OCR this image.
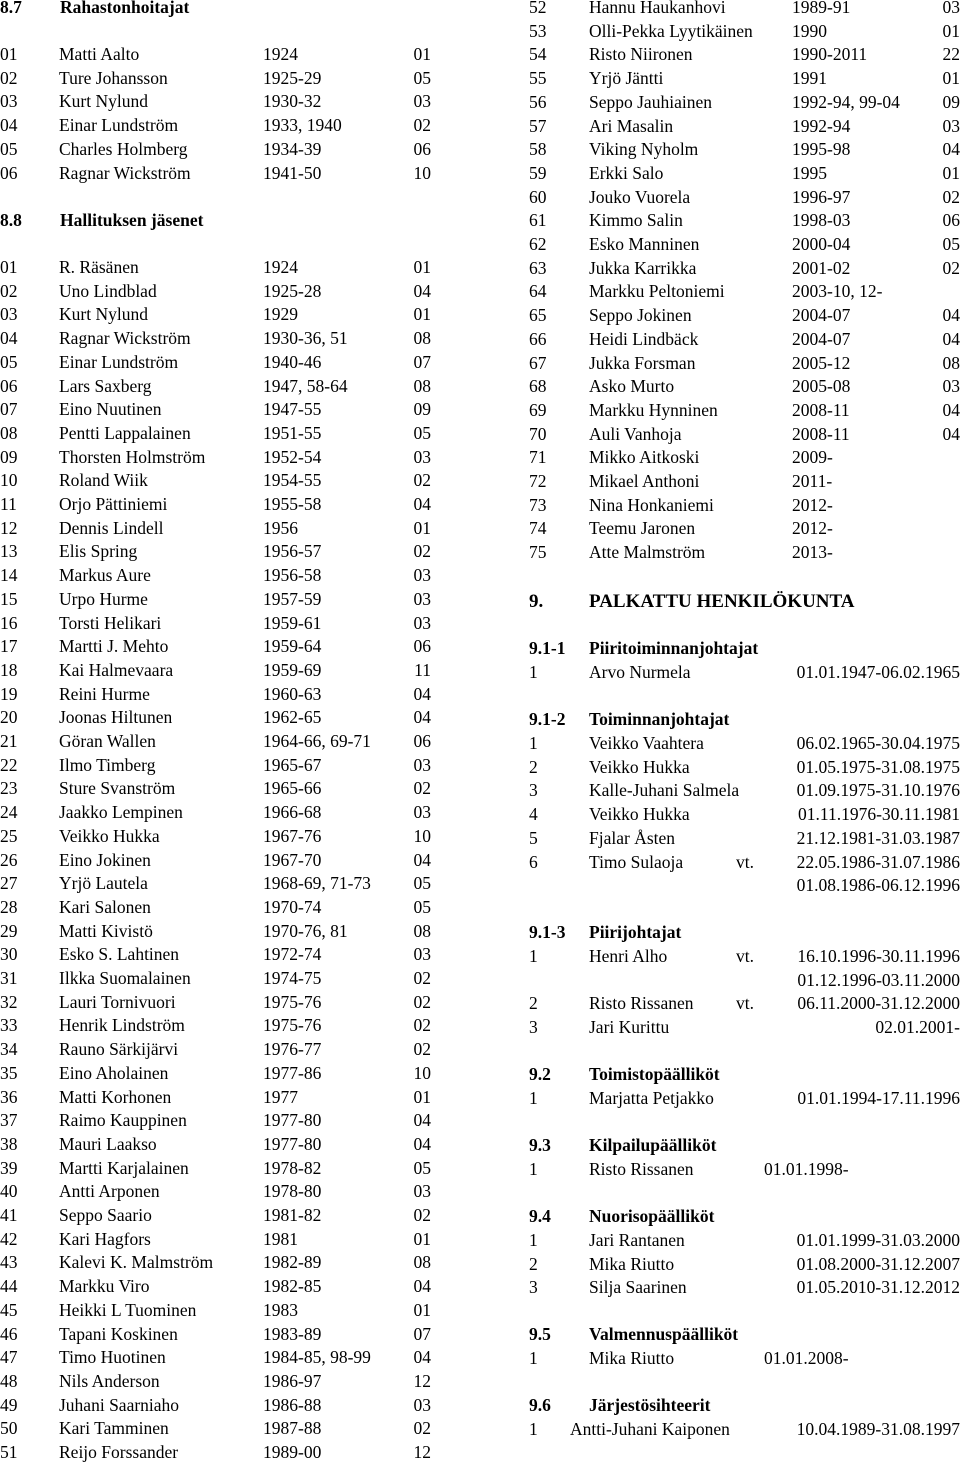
8.7 Rahastonhoitajat
01 Matti Aalto	1924	01
02 Ture Johansson	1925-29	05
03 Kurt Nylund	1930-32	03
04 Einar Lundström	1933, 1940	02
05 Charles Holmberg	1934-39	06
06 Ragnar Wickström	1941-50	10
8.8 Hallituksen jäsenet
01 R. Räsänen	1924	01
02 Uno Lindblad	1925-28	04
03 Kurt Nylund	1929	01
04 Ragnar Wickström	1930-36, 51	08
05 Einar Lundström	1940-46	07
06 Lars Saxberg	1947, 58-64	08
07 Eino Nuutinen	1947-55	09
08 Pentti Lappalainen	1951-55	05
09 Thorsten Holmström	1952-54	03
10 Roland Wiik	1954-55	02
11 Orjo Pättiniemi	1955-58	04
12 Dennis Lindell	1956	01
13 Elis Spring	1956-57	02
14 Markus Aure	1956-58	03
15 Urpo Hurme	1957-59	03
16 Torsti Helikari	1959-61	03
17 Martti J. Mehto	1959-64	06
18 Kai Halmevaara	1959-69	11
19 Reini Hurme	1960-63	04
20 Joonas Hiltunen	1962-65	04
21 Göran Wallen	1964-66, 69-71 06
22 Ilmo Timberg	1965-67	03
23 Sture Svanström	1965-66	02
24 Jaakko Lempinen	1966-68	03
25 Veikko Hukka	1967-76	10
26 Eino Jokinen	1967-70	04
27 Yrjö Lautela	1968-69, 71-73 05
28 Kari Salonen	1970-74	05
29 Matti Kivistö	1970-76, 81	08
30 Esko S. Lahtinen	1972-74	03
31 Ilkka Suomalainen	1974-75	02
32 Lauri Tornivuori	1975-76	02
33 Henrik Lindström	1975-76	02
34 Rauno Särkijärvi	1976-77	02
35 Eino Aholainen	1977-86	10
36 Matti Korhonen	1977	01
37 Raimo Kauppinen	1977-80	04
38 Mauri Laakso	1977-80	04
39 Martti Karjalainen	1978-82	05
40 Antti Arponen	1978-80	03
41 Seppo Saario	1981-82	02
42 Kari Hagfors	1981	01
43 Kalevi K. Malmström	1982-89	08
44 Markku Viro	1982-85	04
45 Heikki L Tuominen	1983	01
46 Tapani Koskinen	1983-89	07
47 Timo Huotinen	1984-85, 98-99 04
48 Nils Anderson	1986-97	12
49 Juhani Saarniaho	1986-88	03
50 Kari Tamminen	1987-88	02
51 Reijo Forssander	1989-00	12
52 Hannu Haukanhovi	1989-91	03
53 Olli-Pekka Lyytikäinen 1990	01
54 Risto Niironen	1990-2011	22
55 Yrjö Jäntti	1991	01
56 Seppo Jauhiainen	1992-94, 99-04 09
57 Ari Masalin	1992-94	03
58 Viking Nyholm	1995-98	04
59 Erkki Salo	1995	01
60 Jouko Vuorela	1996-97	02
61 Kimmo Salin	1998-03	06
62 Esko Manninen	2000-04	05
63 Jukka Karrikka	2001-02	02
64 Markku Peltoniemi	2003-10, 12-
65 Seppo Jokinen	2004-07	04
66 Heidi Lindbäck	2004-07	04
67 Jukka Forsman	2005-12	08
68 Asko Murto	2005-08	03
69 Markku Hynninen	2008-11	04
70 Auli Vanhoja	2008-11	04
71 Mikko Aitkoski	2009-
72 Mikael Anthoni	2011-
73 Nina Honkaniemi	2012-
74 Teemu Jaronen	2012-
75 Atte Malmström	2013-
9. PALKATTU HENKILÖKUNTA
9.1-1 Piiritoiminnanjohtajat
1	Arvo Nurmela	01.01.1947-06.02.1965
9.1-2 Toiminnanjohtajat
1	Veikko Vaahtera	06.02.1965-30.04.1975
2	Veikko Hukka	01.05.1975-31.08.1975
3	Kalle-Juhani Salmela	01.09.1975-31.10.1976
4	Veikko Hukka	01.11.1976-30.11.1981
5	Fjalar Åsten	21.12.1981-31.03.1987
6	Timo Sulaoja	vt. 22.05.1986-31.07.1986
01.08.1986-06.12.1996
9.1-3 Piirijohtajat
1	Henri Alho	vt. 16.10.1996-30.11.1996
01.12.1996-03.11.2000
2	Risto Rissanen vt. 06.11.2000-31.12.2000
3	Jari Kurittu	02.01.2001-
9.2 Toimistopäälliköt
1	Marjatta Petjakko	01.01.1994-17.11.1996
9.3 Kilpailupäälliköt
1	Risto Rissanen	01.01.1998-
9.4 Nuorisopäälliköt
1	Jari Rantanen	01.01.1999-31.03.2000
2	Mika Riutto	01.08.2000-31.12.2007
3	Silja Saarinen	01.05.2010-31.12.2012
9.5 Valmennuspäälliköt
1	Mika Riutto	01.01.2008-
9.6 Järjestösihteerit
1 Antti-Juhani Kaiponen	10.04.1989-31.08.1997
